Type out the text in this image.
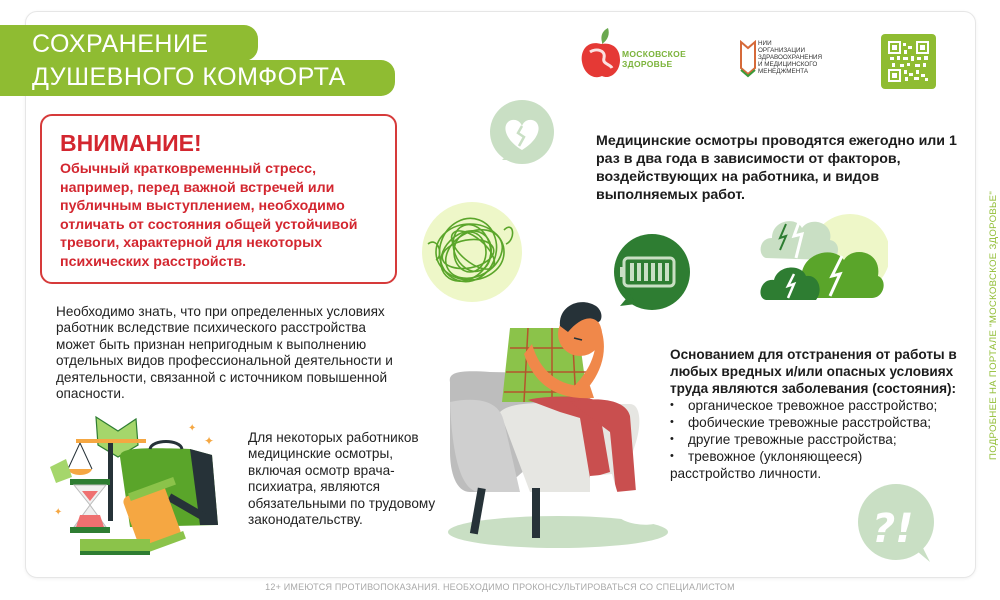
СОХРАНЕНИЕ
ДУШЕВНОГО КОМФОРТА
МОСКОВСКОЕ
ЗДОРОВЬЕ
НИИ
ОРГАНИЗАЦИИ
ЗДРАВООХРАНЕНИЯ
И МЕДИЦИНСКОГО
МЕНЕДЖМЕНТА
ВНИМАНИЕ!
Обычный кратковременный стресс, например, перед важной встречей или публичным выступлением, необходимо отличать от состояния общей устойчивой тревоги, характерной для некоторых психических расстройств.
Необходимо знать, что при определенных условиях работник вследствие психического расстройства может быть признан непригодным к выполнению отдельных видов профессиональной деятельности и деятельности, связанной с источником повышенной опасности.
Для некоторых работников медицинские осмотры, включая осмотр врача-психиатра, являются обязательными по трудовому законодательству.
Медицинские осмотры проводятся ежегодно или 1 раз в два года в зависимости от факторов, воздействующих на работника, и видов выполняемых работ.
Основанием для отстранения от работы в любых вредных и/или опасных условиях труда являются заболевания (состояния):
• органическое тревожное расстройство;
• фобические тревожные расстройства;
• другие тревожные расстройства;
• тревожное (уклоняющееся)
расстройство личности.
✦
✦
✦	?!
ПОДРОБНЕЕ НА ПОРТАЛЕ "МОСКОВСКОЕ ЗДОРОВЬЕ"
12+ ИМЕЮТСЯ ПРОТИВОПОКАЗАНИЯ. НЕОБХОДИМО ПРОКОНСУЛЬТИРОВАТЬСЯ СО СПЕЦИАЛИСТОМ
